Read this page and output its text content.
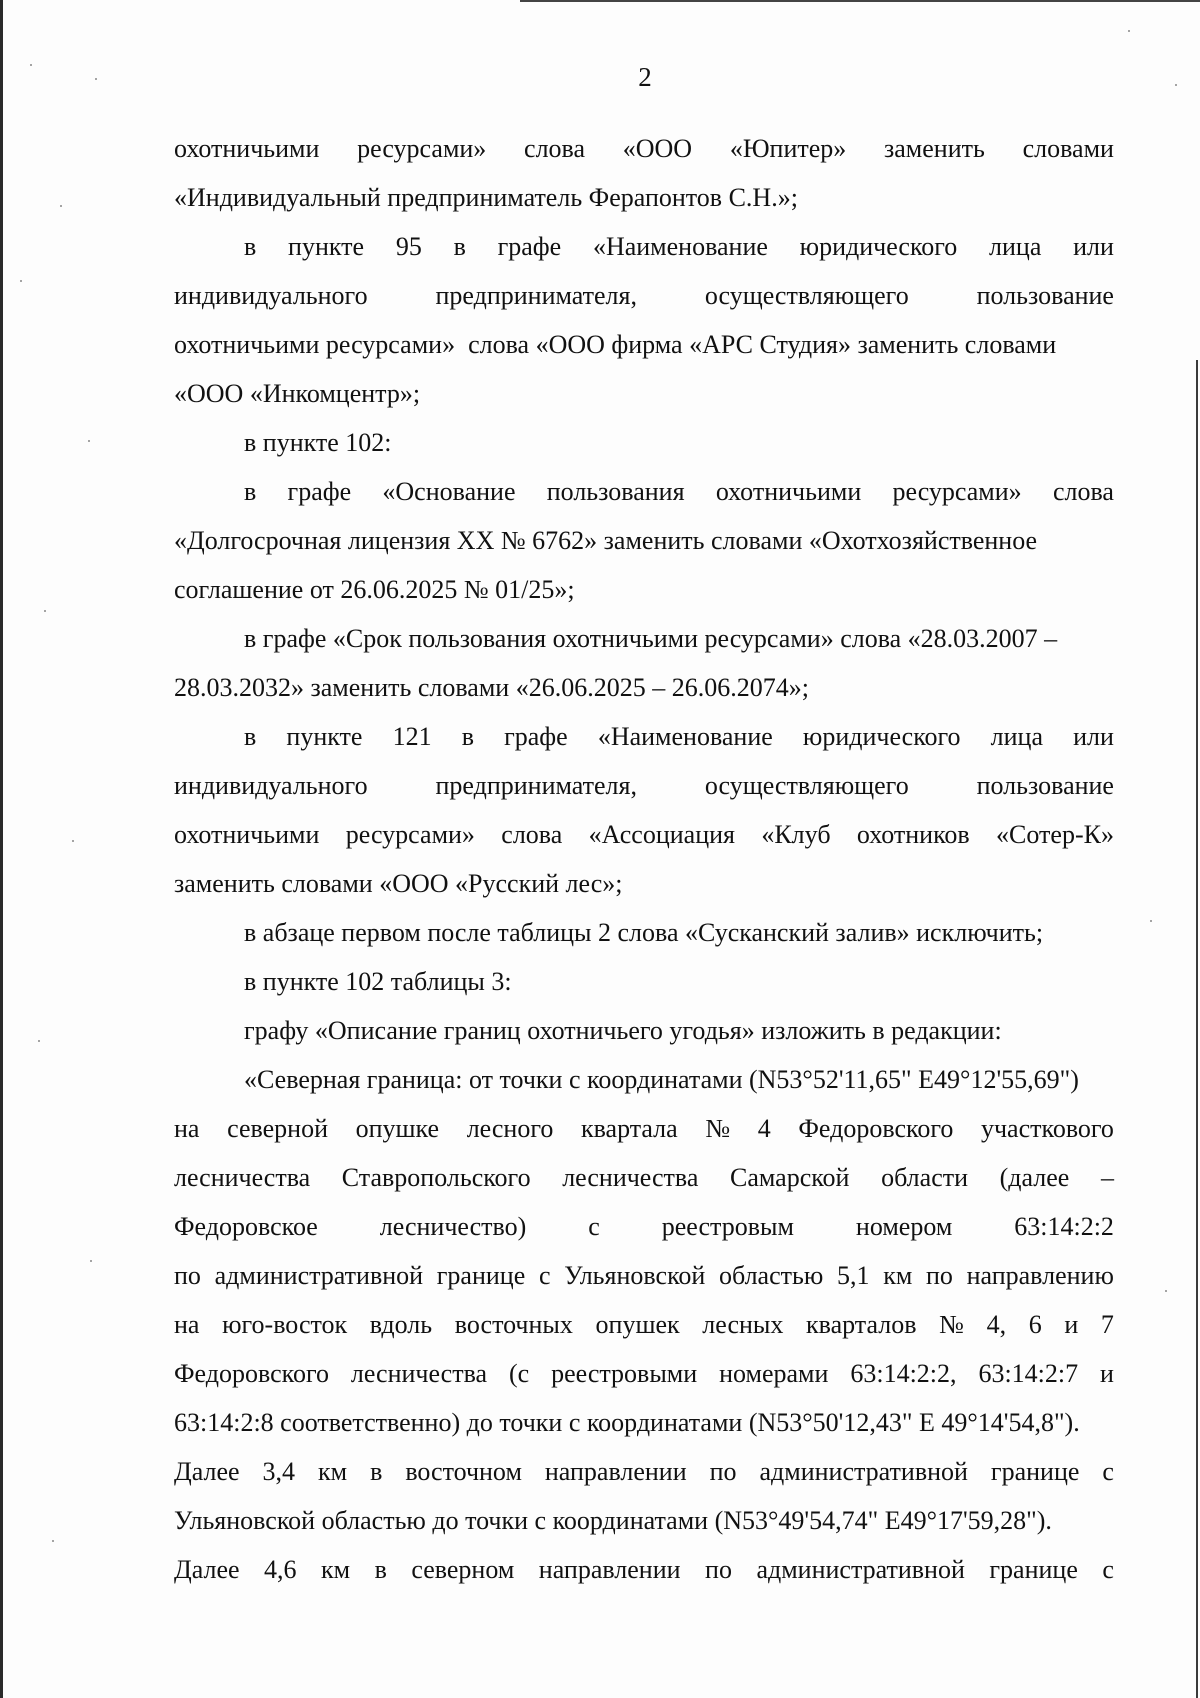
2
охотничьими ресурсами» слова «ООО «Юпитер» заменить словами
«Индивидуальный предприниматель Ферапонтов С.Н.»;
в пункте 95 в графе «Наименование юридического лица или
индивидуального	предпринимателя,	осуществляющего	пользование
охотничьими ресурсами»  слова «ООО фирма «АРС Студия» заменить словами
«ООО «Инкомцентр»;
в пункте 102:
в графе «Основание пользования охотничьими ресурсами» слова
«Долгосрочная лицензия XX № 6762» заменить словами «Охотхозяйственное
соглашение от 26.06.2025 № 01/25»;
в графе «Срок пользования охотничьими ресурсами» слова «28.03.2007 –
28.03.2032» заменить словами «26.06.2025 – 26.06.2074»;
в пункте 121 в графе «Наименование юридического лица или
индивидуального	предпринимателя,	осуществляющего	пользование
охотничьими ресурсами» слова «Ассоциация «Клуб охотников «Сотер-К»
заменить словами «ООО «Русский лес»;
в абзаце первом после таблицы 2 слова «Сусканский залив» исключить;
в пункте 102 таблицы 3:
графу «Описание границ охотничьего угодья» изложить в редакции:
«Северная граница: от точки с координатами (N53°52'11,65" E49°12'55,69")
на северной опушке лесного квартала № 4 Федоровского участкового
лесничества Ставропольского лесничества Самарской области (далее –
Федоровское лесничество) с реестровым номером 63:14:2:2
по административной границе с Ульяновской областью 5,1 км по направлению
на юго-восток вдоль восточных опушек лесных кварталов № 4, 6 и 7
Федоровского лесничества (с реестровыми номерами 63:14:2:2, 63:14:2:7 и
63:14:2:8 соответственно) до точки с координатами (N53°50'12,43" E 49°14'54,8").
Далее 3,4 км в восточном направлении по административной границе с
Ульяновской областью до точки с координатами (N53°49'54,74" E49°17'59,28").
Далее 4,6 км в северном направлении по административной границе с
